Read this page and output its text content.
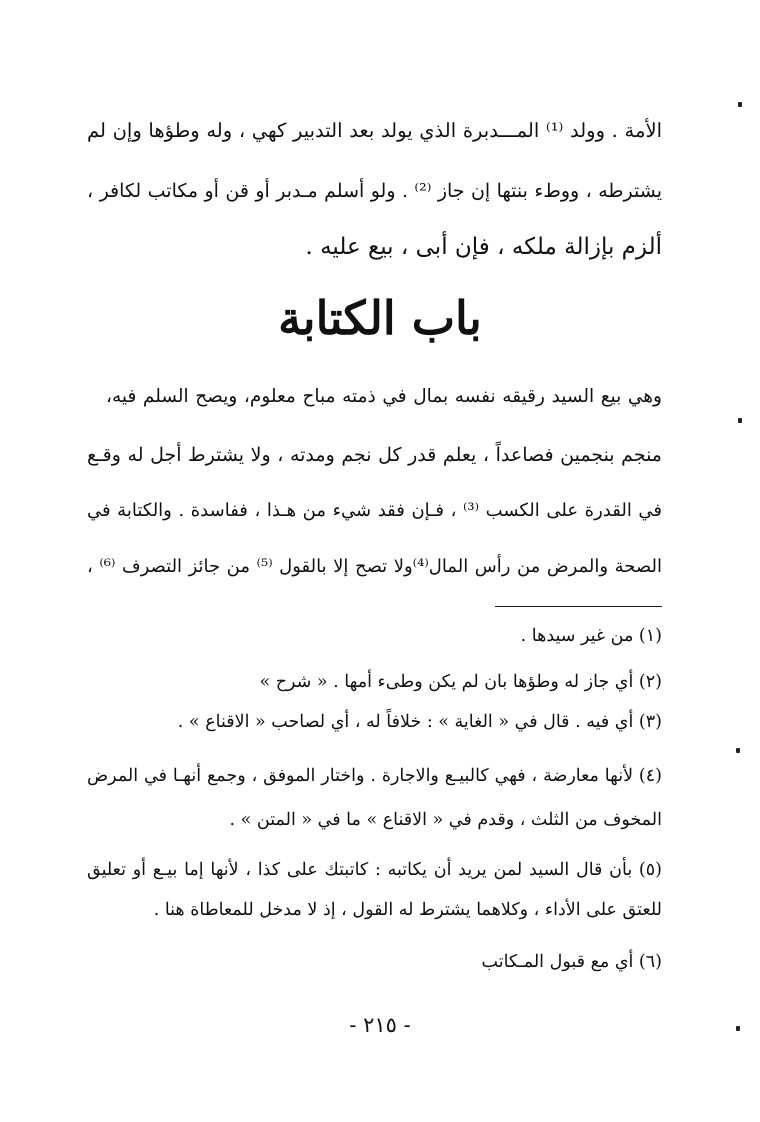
الأمة . وولد ⁽¹⁾ المـــدبرة الذي يولد بعد التدبير كهي ، وله وطؤها وإن لم
يشترطه ، ووطء بنتها إن جاز ⁽²⁾ . ولو أسلم مـدبر أو قن أو مكاتب لكافر ،
ألزم بإزالة ملكه ، فإن أبى ، بيع عليه .
باب الكتابة
وهي بيع السيد رقيقه نفسه بمال في ذمته مباح معلوم، ويصح السلم فيه،
منجم بنجمين فصاعداً ، يعلم قدر كل نجم ومدته ، ولا يشترط أجل له وقـع
في القدرة على الكسب ⁽³⁾ ، فـإن فقد شيء من هـذا ، ففاسدة . والكتابة في
الصحة والمرض من رأس المال⁽⁴⁾ولا تصح إلا بالقول ⁽⁵⁾ من جائز التصرف ⁽⁶⁾ ،
(١) من غير سيدها .
(٢) أي جاز له وطؤها بان لم يكن وطىء أمها . « شرح »
(٣) أي فيه . قال في « الغاية » : خلافاً له ، أي لصاحب « الاقناع » .
(٤) لأنها معارضة ، فهي كالبيـع والاجارة . واختار الموفق ، وجمع أنهـا في المرض
المخوف من الثلث ، وقدم في « الاقناع » ما في « المتن » .
(٥) بأن قال السيد لمن يريد أن يكاتبه : كاتبتك على كذا ، لأنها إما بيـع أو تعليق
للعتق على الأداء ، وكلاهما يشترط له القول ، إذ لا مدخل للمعاطاة هنا .
(٦) أي مع قبول المـكاتب
- ٢١٥ -
